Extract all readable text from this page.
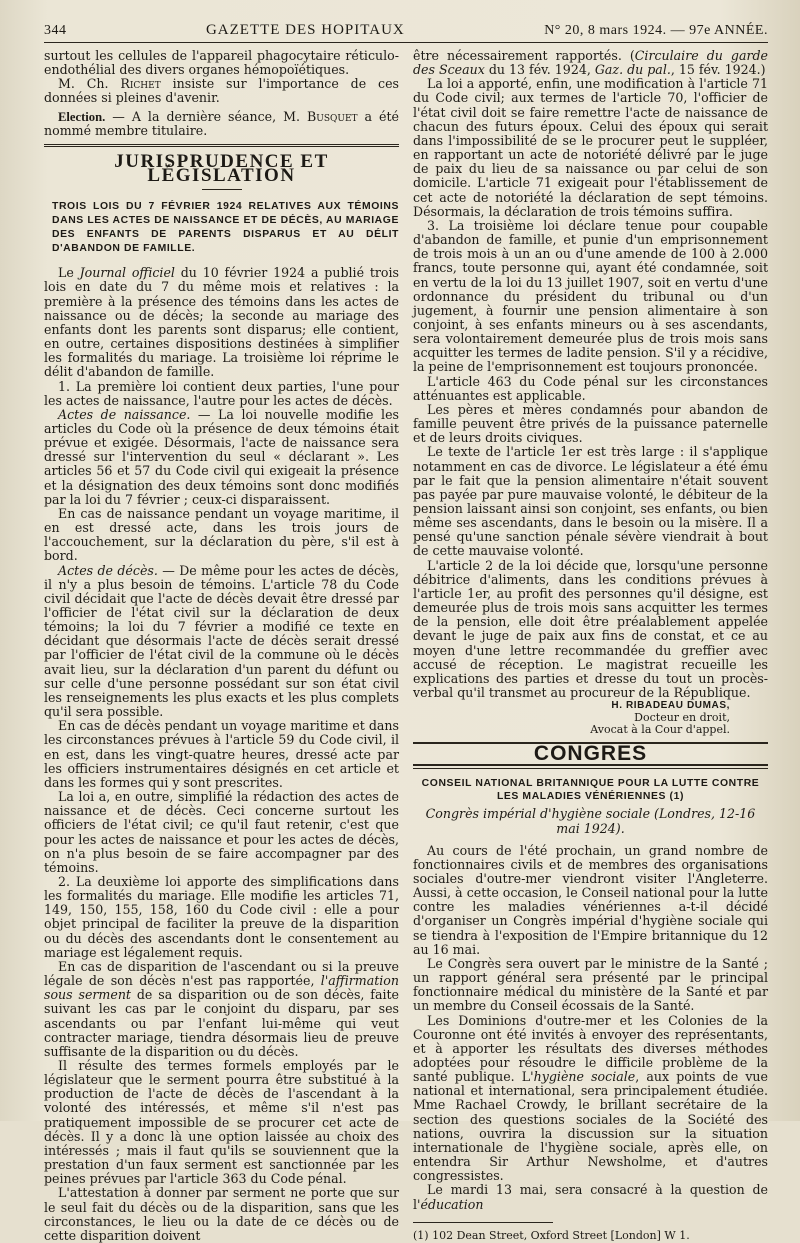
344	GAZETTE DES HOPITAUX	N° 20, 8 mars 1924. — 97e ANNÉE.

surtout les cellules de l'appareil phagocytaire réticulo-endothélial des divers organes hémopoïétiques.

M. Ch. Richet insiste sur l'importance de ces données si pleines d'avenir.

Election. — A la dernière séance, M. Busquet a été nommé membre titulaire.

JURISPRUDENCE ET LÉGISLATION
TROIS LOIS DU 7 FÉVRIER 1924 RELATIVES AUX TÉMOINS DANS LES ACTES DE NAISSANCE ET DE DÉCÈS, AU MARIAGE DES ENFANTS DE PARENTS DISPARUS ET AU DÉLIT D'ABANDON DE FAMILLE.

Le Journal officiel du 10 février 1924 a publié trois lois en date du 7 du même mois et relatives : la première à la présence des témoins dans les actes de naissance ou de décès; la seconde au mariage des enfants dont les parents sont disparus; elle contient, en outre, certaines dispositions destinées à simplifier les formalités du mariage. La troisième loi réprime le délit d'abandon de famille.

1. La première loi contient deux parties, l'une pour les actes de naissance, l'autre pour les actes de décès.

Actes de naissance. — La loi nouvelle modifie les articles du Code où la présence de deux témoins était prévue et exigée. Désormais, l'acte de naissance sera dressé sur l'intervention du seul « déclarant ». Les articles 56 et 57 du Code civil qui exigeait la présence et la désignation des deux témoins sont donc modifiés par la loi du 7 février ; ceux-ci disparaissent.

En cas de naissance pendant un voyage maritime, il en est dressé acte, dans les trois jours de l'accouchement, sur la déclaration du père, s'il est à bord.

Actes de décès. — De même pour les actes de décès, il n'y a plus besoin de témoins. L'article 78 du Code civil décidait que l'acte de décès devait être dressé par l'officier de l'état civil sur la déclaration de deux témoins; la loi du 7 février a modifié ce texte en décidant que désormais l'acte de décès serait dressé par l'officier de l'état civil de la commune où le décès avait lieu, sur la déclaration d'un parent du défunt ou sur celle d'une personne possédant sur son état civil les renseignements les plus exacts et les plus complets qu'il sera possible.

En cas de décès pendant un voyage maritime et dans les circonstances prévues à l'article 59 du Code civil, il en est, dans les vingt-quatre heures, dressé acte par les officiers instrumentaires désignés en cet article et dans les formes qui y sont prescrites.

La loi a, en outre, simplifié la rédaction des actes de naissance et de décès. Ceci concerne surtout les officiers de l'état civil; ce qu'il faut retenir, c'est que pour les actes de naissance et pour les actes de décès, on n'a plus besoin de se faire accompagner par des témoins.

2. La deuxième loi apporte des simplifications dans les formalités du mariage. Elle modifie les articles 71, 149, 150, 155, 158, 160 du Code civil : elle a pour objet principal de faciliter la preuve de la disparition ou du décès des ascendants dont le consentement au mariage est légalement requis.

En cas de disparition de l'ascendant ou si la preuve légale de son décès n'est pas rapportée, l'affirmation sous serment de sa disparition ou de son décès, faite suivant les cas par le conjoint du disparu, par ses ascendants ou par l'enfant lui-même qui veut contracter mariage, tiendra désormais lieu de preuve suffisante de la disparition ou du décès.

Il résulte des termes formels employés par le législateur que le serment pourra être substitué à la production de l'acte de décès de l'ascendant à la volonté des intéressés, et même s'il n'est pas pratiquement impossible de se procurer cet acte de décès. Il y a donc là une option laissée au choix des intéressés ; mais il faut qu'ils se souviennent que la prestation d'un faux serment est sanctionnée par les peines prévues par l'article 363 du Code pénal.

L'attestation à donner par serment ne porte que sur le seul fait du décès ou de la disparition, sans que les circonstances, le lieu ou la date de ce décès ou de cette disparition doivent

être nécessairement rapportés. (Circulaire du garde des Sceaux du 13 fév. 1924, Gaz. du pal., 15 fév. 1924.)

La loi a apporté, enfin, une modification à l'article 71 du Code civil; aux termes de l'article 70, l'officier de l'état civil doit se faire remettre l'acte de naissance de chacun des futurs époux. Celui des époux qui serait dans l'impossibilité de se le procurer peut le suppléer, en rapportant un acte de notoriété délivré par le juge de paix du lieu de sa naissance ou par celui de son domicile. L'article 71 exigeait pour l'établissement de cet acte de notoriété la déclaration de sept témoins. Désormais, la déclaration de trois témoins suffira.

3. La troisième loi déclare tenue pour coupable d'abandon de famille, et punie d'un emprisonnement de trois mois à un an ou d'une amende de 100 à 2.000 francs, toute personne qui, ayant été condamnée, soit en vertu de la loi du 13 juillet 1907, soit en vertu d'une ordonnance du président du tribunal ou d'un jugement, à fournir une pension alimentaire à son conjoint, à ses enfants mineurs ou à ses ascendants, sera volontairement demeurée plus de trois mois sans acquitter les termes de ladite pension. S'il y a récidive, la peine de l'emprisonnement est toujours prononcée.

L'article 463 du Code pénal sur les circonstances atténuantes est applicable.

Les pères et mères condamnés pour abandon de famille peuvent être privés de la puissance paternelle et de leurs droits civiques.

Le texte de l'article 1er est très large : il s'applique notamment en cas de divorce. Le législateur a été ému par le fait que la pension alimentaire n'était souvent pas payée par pure mauvaise volonté, le débiteur de la pension laissant ainsi son conjoint, ses enfants, ou bien même ses ascendants, dans le besoin ou la misère. Il a pensé qu'une sanction pénale sévère viendrait à bout de cette mauvaise volonté.

L'article 2 de la loi décide que, lorsqu'une personne débitrice d'aliments, dans les conditions prévues à l'article 1er, au profit des personnes qu'il désigne, est demeurée plus de trois mois sans acquitter les termes de la pension, elle doit être préalablement appelée devant le juge de paix aux fins de constat, et ce au moyen d'une lettre recommandée du greffier avec accusé de réception. Le magistrat recueille les explications des parties et dresse du tout un procès-verbal qu'il transmet au procureur de la République.

H. RIBADEAU DUMAS,
Docteur en droit,
Avocat à la Cour d'appel.
CONGRES
CONSEIL NATIONAL BRITANNIQUE POUR LA LUTTE CONTRE LES MALADIES VÉNÉRIENNES (1)
Congrès impérial d'hygiène sociale (Londres, 12-16 mai 1924).

Au cours de l'été prochain, un grand nombre de fonctionnaires civils et de membres des organisations sociales d'outre-mer viendront visiter l'Angleterre. Aussi, à cette occasion, le Conseil national pour la lutte contre les maladies vénériennes a-t-il décidé d'organiser un Congrès impérial d'hygiène sociale qui se tiendra à l'exposition de l'Empire britannique du 12 au 16 mai.

Le Congrès sera ouvert par le ministre de la Santé ; un rapport général sera présenté par le principal fonctionnaire médical du ministère de la Santé et par un membre du Conseil écossais de la Santé.

Les Dominions d'outre-mer et les Colonies de la Couronne ont été invités à envoyer des représentants, et à apporter les résultats des diverses méthodes adoptées pour résoudre le difficile problème de la santé publique. L'hygiène sociale, aux points de vue national et international, sera principalement étudiée. Mme Rachael Crowdy, le brillant secrétaire de la section des questions sociales de la Société des nations, ouvrira la discussion sur la situation internationale de l'hygiène sociale, après elle, on entendra Sir Arthur Newsholme, et d'autres congressistes.

Le mardi 13 mai, sera consacré à la question de l'éducation

(1) 102 Dean Street, Oxford Street [London] W 1.
